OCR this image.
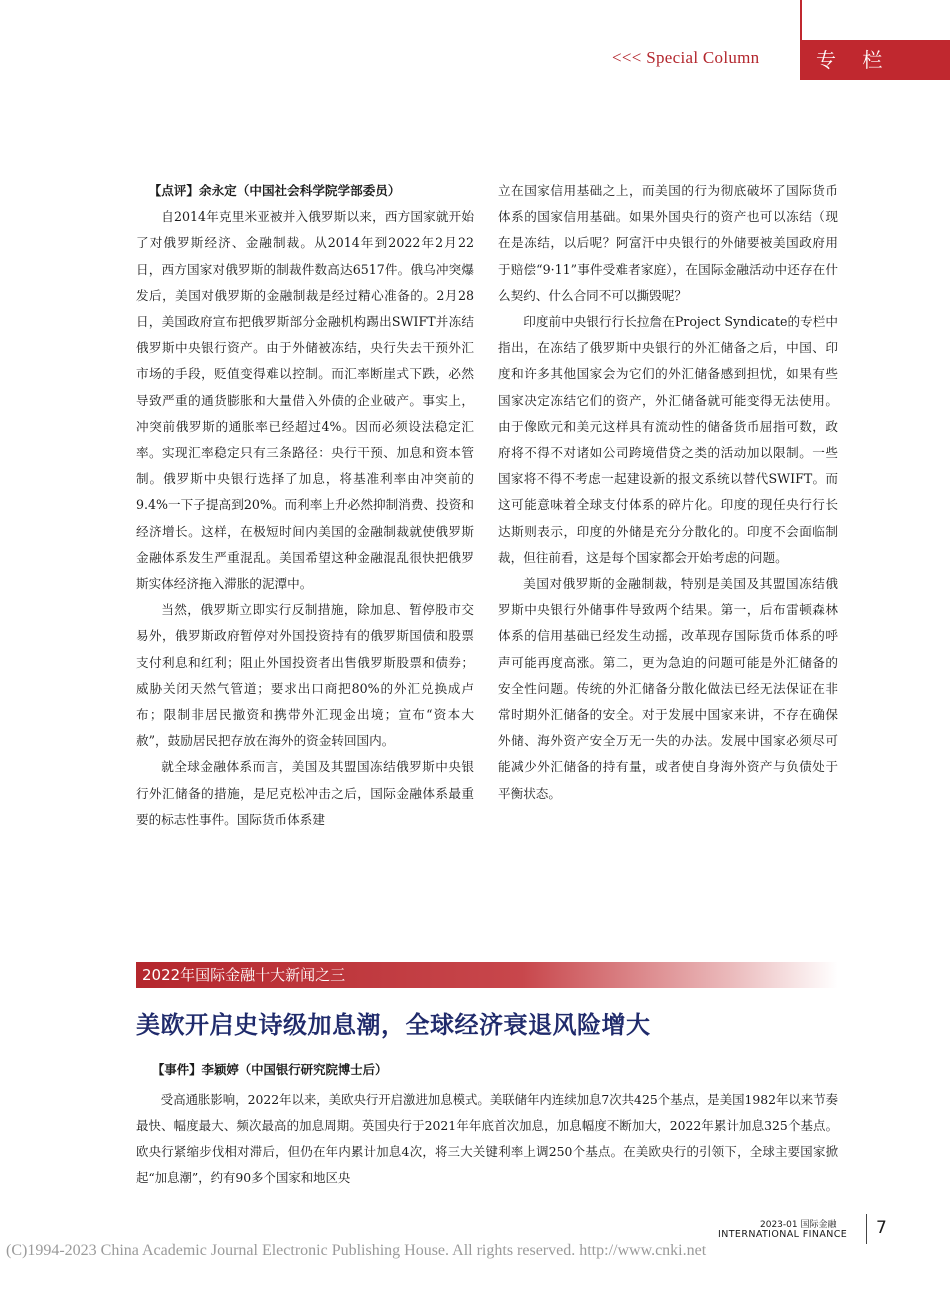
<<< Special Column	专 栏

【点评】余永定（中国社会科学院学部委员）

自2014年克里米亚被并入俄罗斯以来，西方国家就开始了对俄罗斯经济、金融制裁。从2014年到2022年2月22日，西方国家对俄罗斯的制裁件数高达6517件。俄乌冲突爆发后，美国对俄罗斯的金融制裁是经过精心准备的。2月28日，美国政府宣布把俄罗斯部分金融机构踢出SWIFT并冻结俄罗斯中央银行资产。由于外储被冻结，央行失去干预外汇市场的手段，贬值变得难以控制。而汇率断崖式下跌，必然导致严重的通货膨胀和大量借入外债的企业破产。事实上，冲突前俄罗斯的通胀率已经超过4%。因而必须设法稳定汇率。实现汇率稳定只有三条路径：央行干预、加息和资本管制。俄罗斯中央银行选择了加息，将基准利率由冲突前的9.4%一下子提高到20%。而利率上升必然抑制消费、投资和经济增长。这样，在极短时间内美国的金融制裁就使俄罗斯金融体系发生严重混乱。美国希望这种金融混乱很快把俄罗斯实体经济拖入滞胀的泥潭中。

当然，俄罗斯立即实行反制措施，除加息、暂停股市交易外，俄罗斯政府暂停对外国投资持有的俄罗斯国债和股票支付利息和红利；阻止外国投资者出售俄罗斯股票和债券；威胁关闭天然气管道；要求出口商把80%的外汇兑换成卢布；限制非居民撤资和携带外汇现金出境；宣布“资本大赦”，鼓励居民把存放在海外的资金转回国内。

就全球金融体系而言，美国及其盟国冻结俄罗斯中央银行外汇储备的措施，是尼克松冲击之后，国际金融体系最重要的标志性事件。国际货币体系建

立在国家信用基础之上，而美国的行为彻底破坏了国际货币体系的国家信用基础。如果外国央行的资产也可以冻结（现在是冻结，以后呢？阿富汗中央银行的外储要被美国政府用于赔偿“9·11”事件受难者家庭），在国际金融活动中还存在什么契约、什么合同不可以撕毁呢？

印度前中央银行行长拉詹在Project Syndicate的专栏中指出，在冻结了俄罗斯中央银行的外汇储备之后，中国、印度和许多其他国家会为它们的外汇储备感到担忧，如果有些国家决定冻结它们的资产，外汇储备就可能变得无法使用。由于像欧元和美元这样具有流动性的储备货币屈指可数，政府将不得不对诸如公司跨境借贷之类的活动加以限制。一些国家将不得不考虑一起建设新的报文系统以替代SWIFT。而这可能意味着全球支付体系的碎片化。印度的现任央行行长达斯则表示，印度的外储是充分分散化的。印度不会面临制裁，但往前看，这是每个国家都会开始考虑的问题。

美国对俄罗斯的金融制裁，特别是美国及其盟国冻结俄罗斯中央银行外储事件导致两个结果。第一，后布雷顿森林体系的信用基础已经发生动摇，改革现存国际货币体系的呼声可能再度高涨。第二，更为急迫的问题可能是外汇储备的安全性问题。传统的外汇储备分散化做法已经无法保证在非常时期外汇储备的安全。对于发展中国家来讲，不存在确保外储、海外资产安全万无一失的办法。发展中国家必须尽可能减少外汇储备的持有量，或者使自身海外资产与负债处于平衡状态。

2022年国际金融十大新闻之三
美欧开启史诗级加息潮，全球经济衰退风险增大
【事件】李颖婷（中国银行研究院博士后）

受高通胀影响，2022年以来，美欧央行开启激进加息模式。美联储年内连续加息7次共425个基点，是美国1982年以来节奏最快、幅度最大、频次最高的加息周期。英国央行于2021年年底首次加息，加息幅度不断加大，2022年累计加息325个基点。欧央行紧缩步伐相对滞后，但仍在年内累计加息4次，将三大关键利率上调250个基点。在美欧央行的引领下，全球主要国家掀起“加息潮”，约有90多个国家和地区央

2023-01 国际金融
INTERNATIONAL FINANCE 7
(C)1994-2023 China Academic Journal Electronic Publishing House. All rights reserved. http://www.cnki.net
